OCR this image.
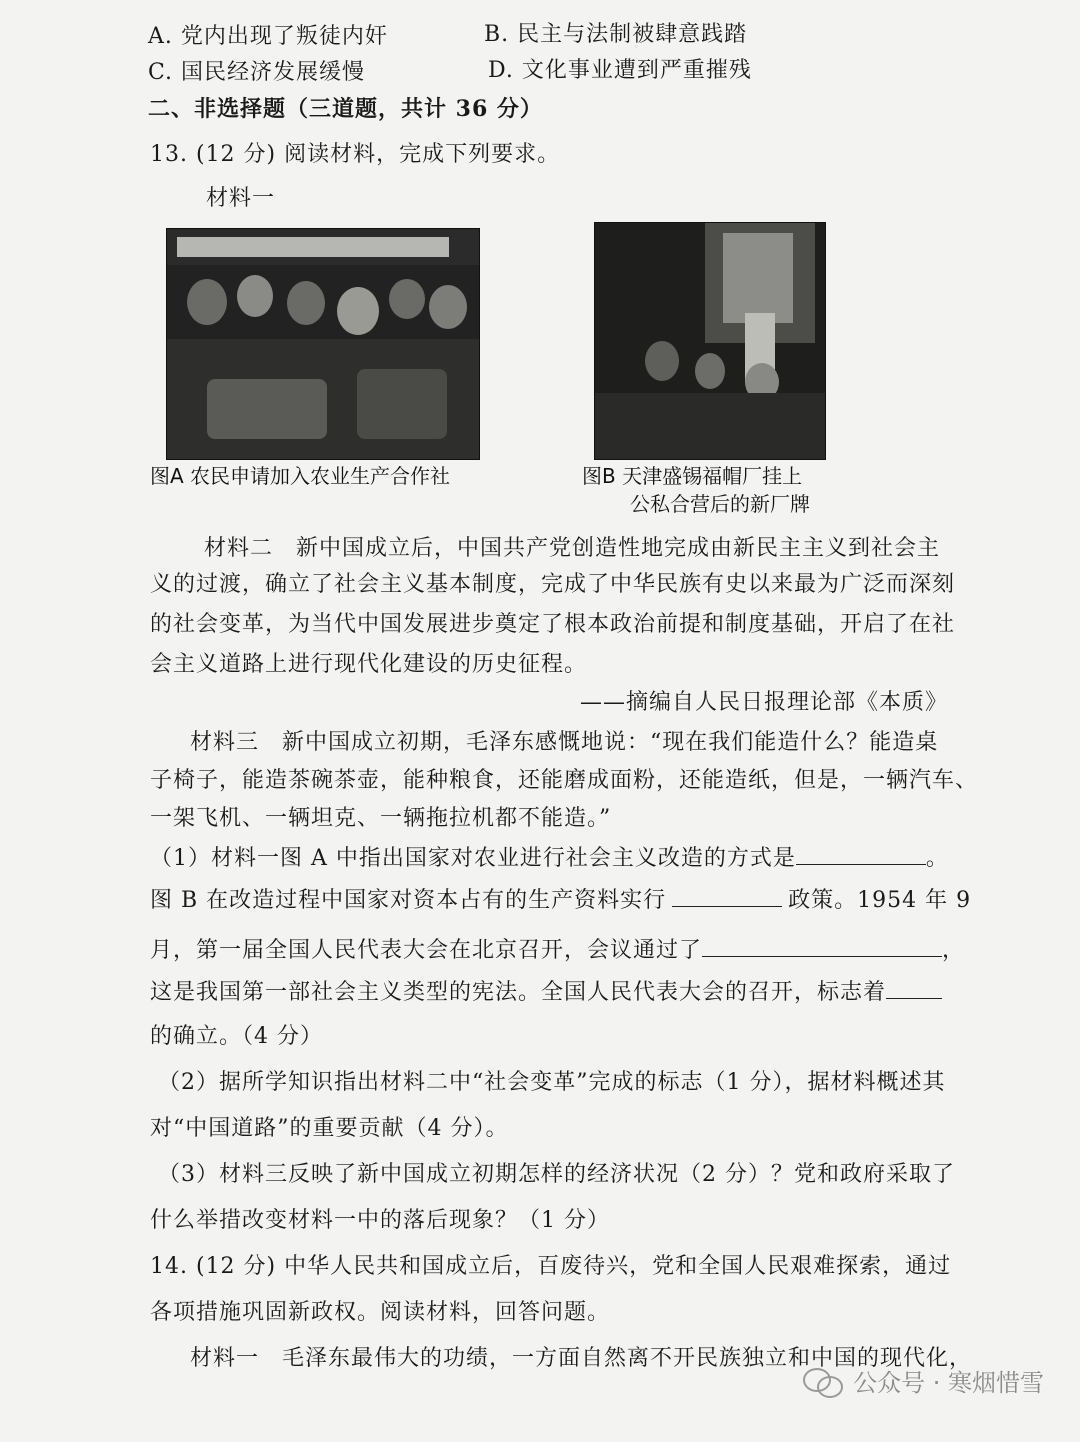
A. 党内出现了叛徒内奸	B. 民主与法制被肆意践踏
C. 国民经济发展缓慢	D. 文化事业遭到严重摧残
二、非选择题（三道题，共计 36 分）
13. (12 分) 阅读材料，完成下列要求。
材料一
图A 农民申请加入农业生产合作社	图B 天津盛锡福帽厂挂上
公私合营后的新厂牌
材料二　新中国成立后，中国共产党创造性地完成由新民主主义到社会主
义的过渡，确立了社会主义基本制度，完成了中华民族有史以来最为广泛而深刻
的社会变革，为当代中国发展进步奠定了根本政治前提和制度基础，开启了在社
会主义道路上进行现代化建设的历史征程。
——摘编自人民日报理论部《本质》
材料三　新中国成立初期，毛泽东感慨地说：“现在我们能造什么？能造桌
子椅子，能造茶碗茶壶，能种粮食，还能磨成面粉，还能造纸，但是，一辆汽车、
一架飞机、一辆坦克、一辆拖拉机都不能造。”
（1）材料一图 A 中指出国家对农业进行社会主义改造的方式是	。
图 B 在改造过程中国家对资本占有的生产资料实行	政策。1954 年 9
月，第一届全国人民代表大会在北京召开，会议通过了	，
这是我国第一部社会主义类型的宪法。全国人民代表大会的召开，标志着
的确立。（4 分）
（2）据所学知识指出材料二中“社会变革”完成的标志（1 分），据材料概述其
对“中国道路”的重要贡献（4 分）。
（3）材料三反映了新中国成立初期怎样的经济状况（2 分）？党和政府采取了
什么举措改变材料一中的落后现象？（1 分）
14. (12 分) 中华人民共和国成立后，百废待兴，党和全国人民艰难探索，通过
各项措施巩固新政权。阅读材料，回答问题。
材料一　毛泽东最伟大的功绩，一方面自然离不开民族独立和中国的现代化，
公众号 · 寒烟惜雪
